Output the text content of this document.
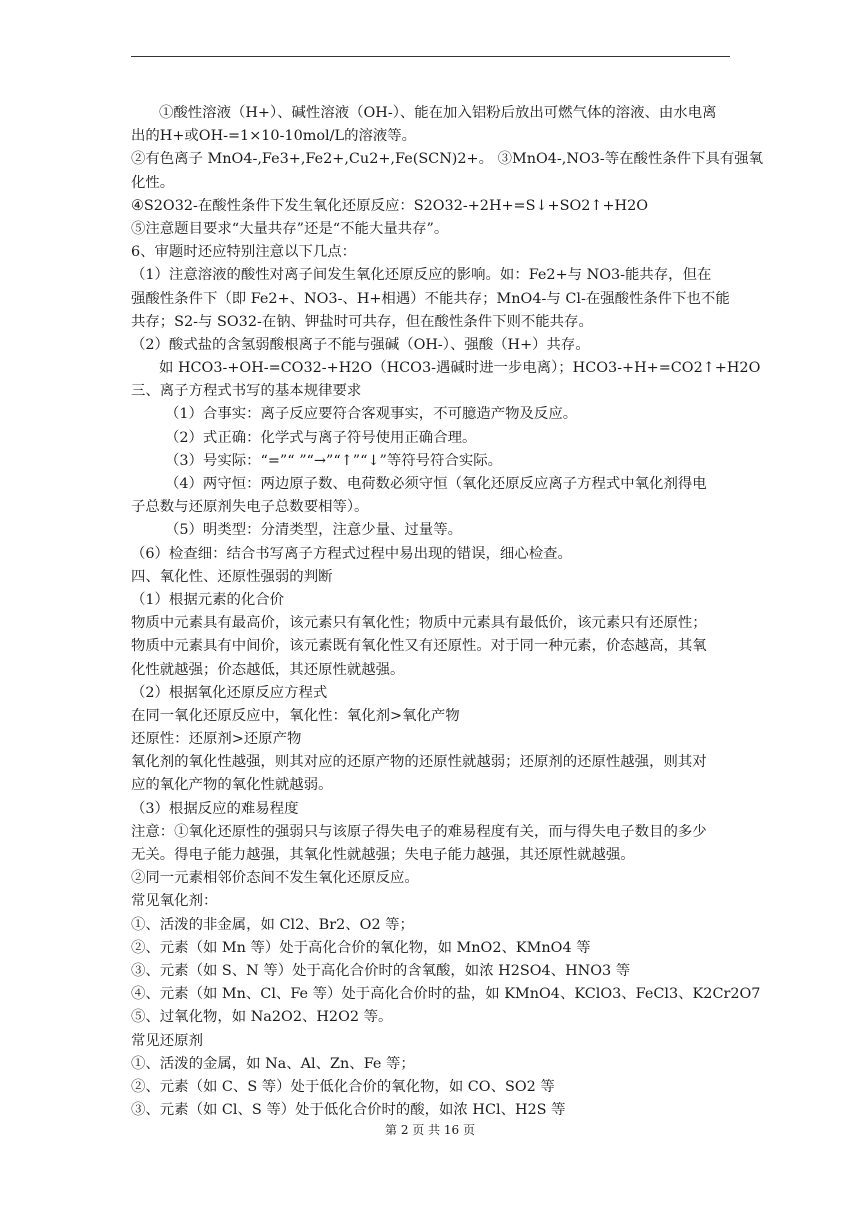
①酸性溶液（H+）、碱性溶液（OH-）、能在加入铝粉后放出可燃气体的溶液、由水电离
出的H+或OH-=1×10-10mol/L的溶液等。
②有色离子 MnO4-,Fe3+,Fe2+,Cu2+,Fe(SCN)2+。 ③MnO4-,NO3-等在酸性条件下具有强氧
化性。
④S2O32-在酸性条件下发生氧化还原反应：S2O32-+2H+=S↓+SO2↑+H2O
⑤注意题目要求“大量共存”还是“不能大量共存”。
6、审题时还应特别注意以下几点：
（1）注意溶液的酸性对离子间发生氧化还原反应的影响。如：Fe2+与 NO3-能共存，但在
强酸性条件下（即 Fe2+、NO3-、H+相遇）不能共存；MnO4-与 Cl-在强酸性条件下也不能
共存；S2-与 SO32-在钠、钾盐时可共存，但在酸性条件下则不能共存。
（2）酸式盐的含氢弱酸根离子不能与强碱（OH-）、强酸（H+）共存。
如 HCO3-+OH-=CO32-+H2O（HCO3-遇碱时进一步电离）；HCO3-+H+=CO2↑+H2O
三、离子方程式书写的基本规律要求
（1）合事实：离子反应要符合客观事实，不可臆造产物及反应。
（2）式正确：化学式与离子符号使用正确合理。
（3）号实际：“=”“ ”“→”“↑”“↓”等符号符合实际。
（4）两守恒：两边原子数、电荷数必须守恒（氧化还原反应离子方程式中氧化剂得电
子总数与还原剂失电子总数要相等）。
（5）明类型：分清类型，注意少量、过量等。
（6）检查细：结合书写离子方程式过程中易出现的错误，细心检查。
四、氧化性、还原性强弱的判断
（1）根据元素的化合价
物质中元素具有最高价，该元素只有氧化性；物质中元素具有最低价，该元素只有还原性；
物质中元素具有中间价，该元素既有氧化性又有还原性。对于同一种元素，价态越高，其氧
化性就越强；价态越低，其还原性就越强。
（2）根据氧化还原反应方程式
在同一氧化还原反应中，氧化性：氧化剂>氧化产物
还原性：还原剂>还原产物
氧化剂的氧化性越强，则其对应的还原产物的还原性就越弱；还原剂的还原性越强，则其对
应的氧化产物的氧化性就越弱。
（3）根据反应的难易程度
注意：①氧化还原性的强弱只与该原子得失电子的难易程度有关，而与得失电子数目的多少
无关。得电子能力越强，其氧化性就越强；失电子能力越强，其还原性就越强。
②同一元素相邻价态间不发生氧化还原反应。
常见氧化剂：
①、活泼的非金属，如 Cl2、Br2、O2 等；
②、元素（如 Mn 等）处于高化合价的氧化物，如 MnO2、KMnO4 等
③、元素（如 S、N 等）处于高化合价时的含氧酸，如浓 H2SO4、HNO3 等
④、元素（如 Mn、Cl、Fe 等）处于高化合价时的盐，如 KMnO4、KClO3、FeCl3、K2Cr2O7
⑤、过氧化物，如 Na2O2、H2O2 等。
常见还原剂
①、活泼的金属，如 Na、Al、Zn、Fe 等；
②、元素（如 C、S 等）处于低化合价的氧化物，如 CO、SO2 等
③、元素（如 Cl、S 等）处于低化合价时的酸，如浓 HCl、H2S 等
第 2 页 共 16 页
